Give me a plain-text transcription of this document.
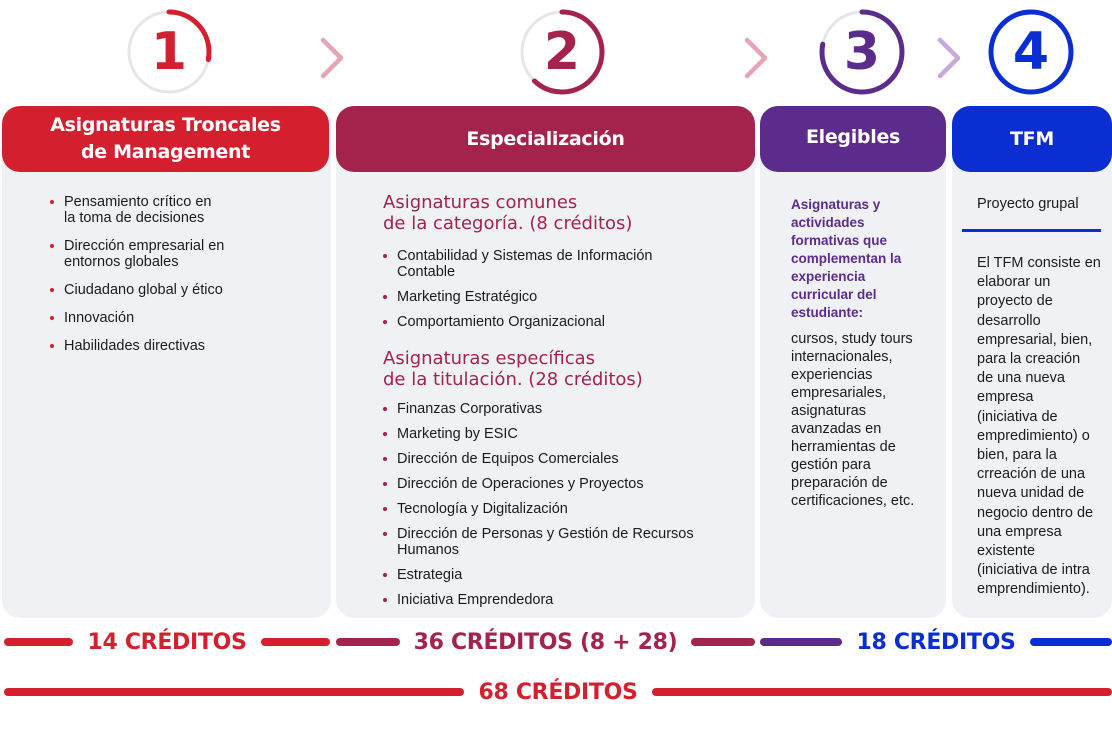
1	2	3	4
Asignaturas Troncales
de Management
Pensamiento crítico en
la toma de decisiones
Dirección empresarial en
entornos globales
Ciudadano global y ético
Innovación
Habilidades directivas
Especialización
Asignaturas comunes
de la categoría. (8 créditos)
Contabilidad y Sistemas de Información
Contable
Marketing Estratégico
Comportamiento Organizacional
Asignaturas específicas
de la titulación. (28 créditos)
Finanzas Corporativas
Marketing by ESIC
Dirección de Equipos Comerciales
Dirección de Operaciones y Proyectos
Tecnología y Digitalización
Dirección de Personas y Gestión de Recursos
Humanos
Estrategia
Iniciativa Emprendedora
Elegibles
Asignaturas y
actividades
formativas que
complementan la
experiencia
curricular del
estudiante:
cursos, study tours
internacionales,
experiencias
empresariales,
asignaturas
avanzadas en
herramientas de
gestión para
preparación de
certificaciones, etc.
TFM
Proyecto grupal
El TFM consiste en
elaborar un
proyecto de
desarrollo
empresarial, bien,
para la creación
de una nueva
empresa
(iniciativa de
empredimiento) o
bien, para la
crreación de una
nueva unidad de
negocio dentro de
una empresa
existente
(iniciativa de intra
emprendimiento).
14 CRÉDITOS	36 CRÉDITOS (8 + 28)	18 CRÉDITOS
68 CRÉDITOS
